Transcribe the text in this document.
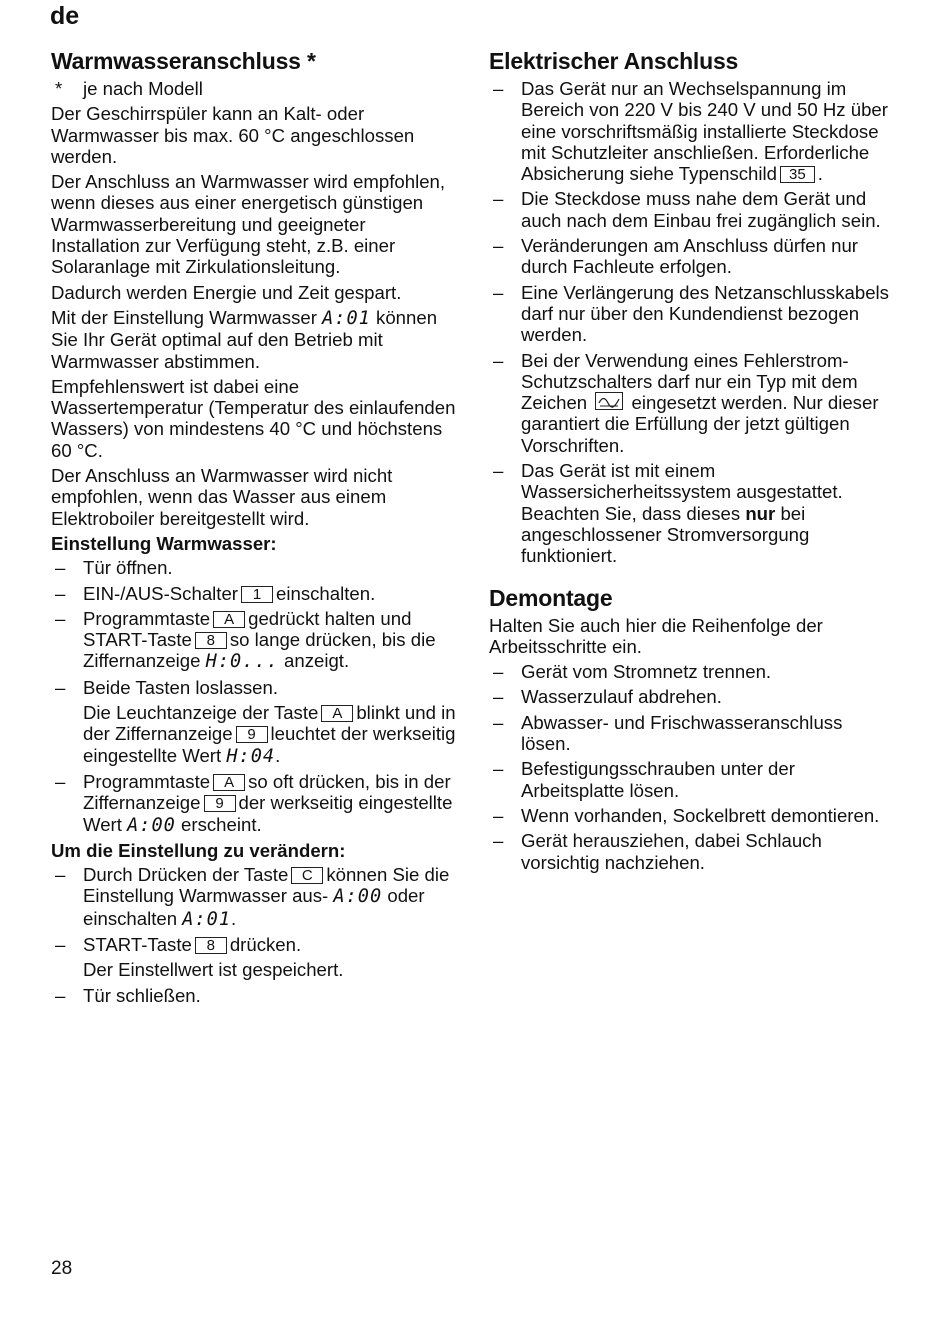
de
Warmwasseranschluss *
* je nach Modell

Der Geschirrspüler kann an Kalt- oder Warmwasser bis max. 60 °C angeschlossen werden.

Der Anschluss an Warmwasser wird empfohlen, wenn dieses aus einer energetisch günstigen Warmwasserbereitung und geeigneter Installation zur Verfügung steht, z.B. einer Solaranlage mit Zirkulationsleitung.

Dadurch werden Energie und Zeit gespart.

Mit der Einstellung Warmwasser A:01 können Sie Ihr Gerät optimal auf den Betrieb mit Warmwasser abstimmen.

Empfehlenswert ist dabei eine Wassertemperatur (Temperatur des einlaufenden Wassers) von mindestens 40 °C und höchstens 60 °C.

Der Anschluss an Warmwasser wird nicht empfohlen, wenn das Wasser aus einem Elektroboiler bereitgestellt wird.

Einstellung Warmwasser:
– Tür öffnen.
– EIN-/AUS-Schalter 1 einschalten.
– Programmtaste A gedrückt halten und START-Taste 8 so lange drücken, bis die Ziffernanzeige H:0... anzeigt.
– Beide Tasten loslassen.

Die Leuchtanzeige der Taste A blinkt und in der Ziffernanzeige 9 leuchtet der werkseitig eingestellte Wert H:04.

– Programmtaste A so oft drücken, bis in der Ziffernanzeige 9 der werkseitig eingestellte Wert A:00 erscheint.
Um die Einstellung zu verändern:
– Durch Drücken der Taste C können Sie die Einstellung Warmwasser aus- A:00 oder einschalten A:01.
– START-Taste 8 drücken.

Der Einstellwert ist gespeichert.

– Tür schließen.
Elektrischer Anschluss
– Das Gerät nur an Wechselspannung im Bereich von 220 V bis 240 V und 50 Hz über eine vorschriftsmäßig installierte Steckdose mit Schutzleiter anschließen. Erforderliche Absicherung siehe Typenschild 35 .
– Die Steckdose muss nahe dem Gerät und auch nach dem Einbau frei zugänglich sein.
– Veränderungen am Anschluss dürfen nur durch Fachleute erfolgen.
– Eine Verlängerung des Netzanschlusskabels darf nur über den Kundendienst bezogen werden.
– Bei der Verwendung eines Fehlerstrom-Schutzschalters darf nur ein Typ mit dem Zeichen eingesetzt werden. Nur dieser garantiert die Erfüllung der jetzt gültigen Vorschriften.
– Das Gerät ist mit einem Wassersicherheitssystem ausgestattet. Beachten Sie, dass dieses nur bei angeschlossener Stromversorgung funktioniert.
Demontage

Halten Sie auch hier die Reihenfolge der Arbeitsschritte ein.

– Gerät vom Stromnetz trennen.
– Wasserzulauf abdrehen.
– Abwasser- und Frischwasseranschluss lösen.
– Befestigungsschrauben unter der Arbeitsplatte lösen.
– Wenn vorhanden, Sockelbrett demontieren.
– Gerät herausziehen, dabei Schlauch vorsichtig nachziehen.
28
